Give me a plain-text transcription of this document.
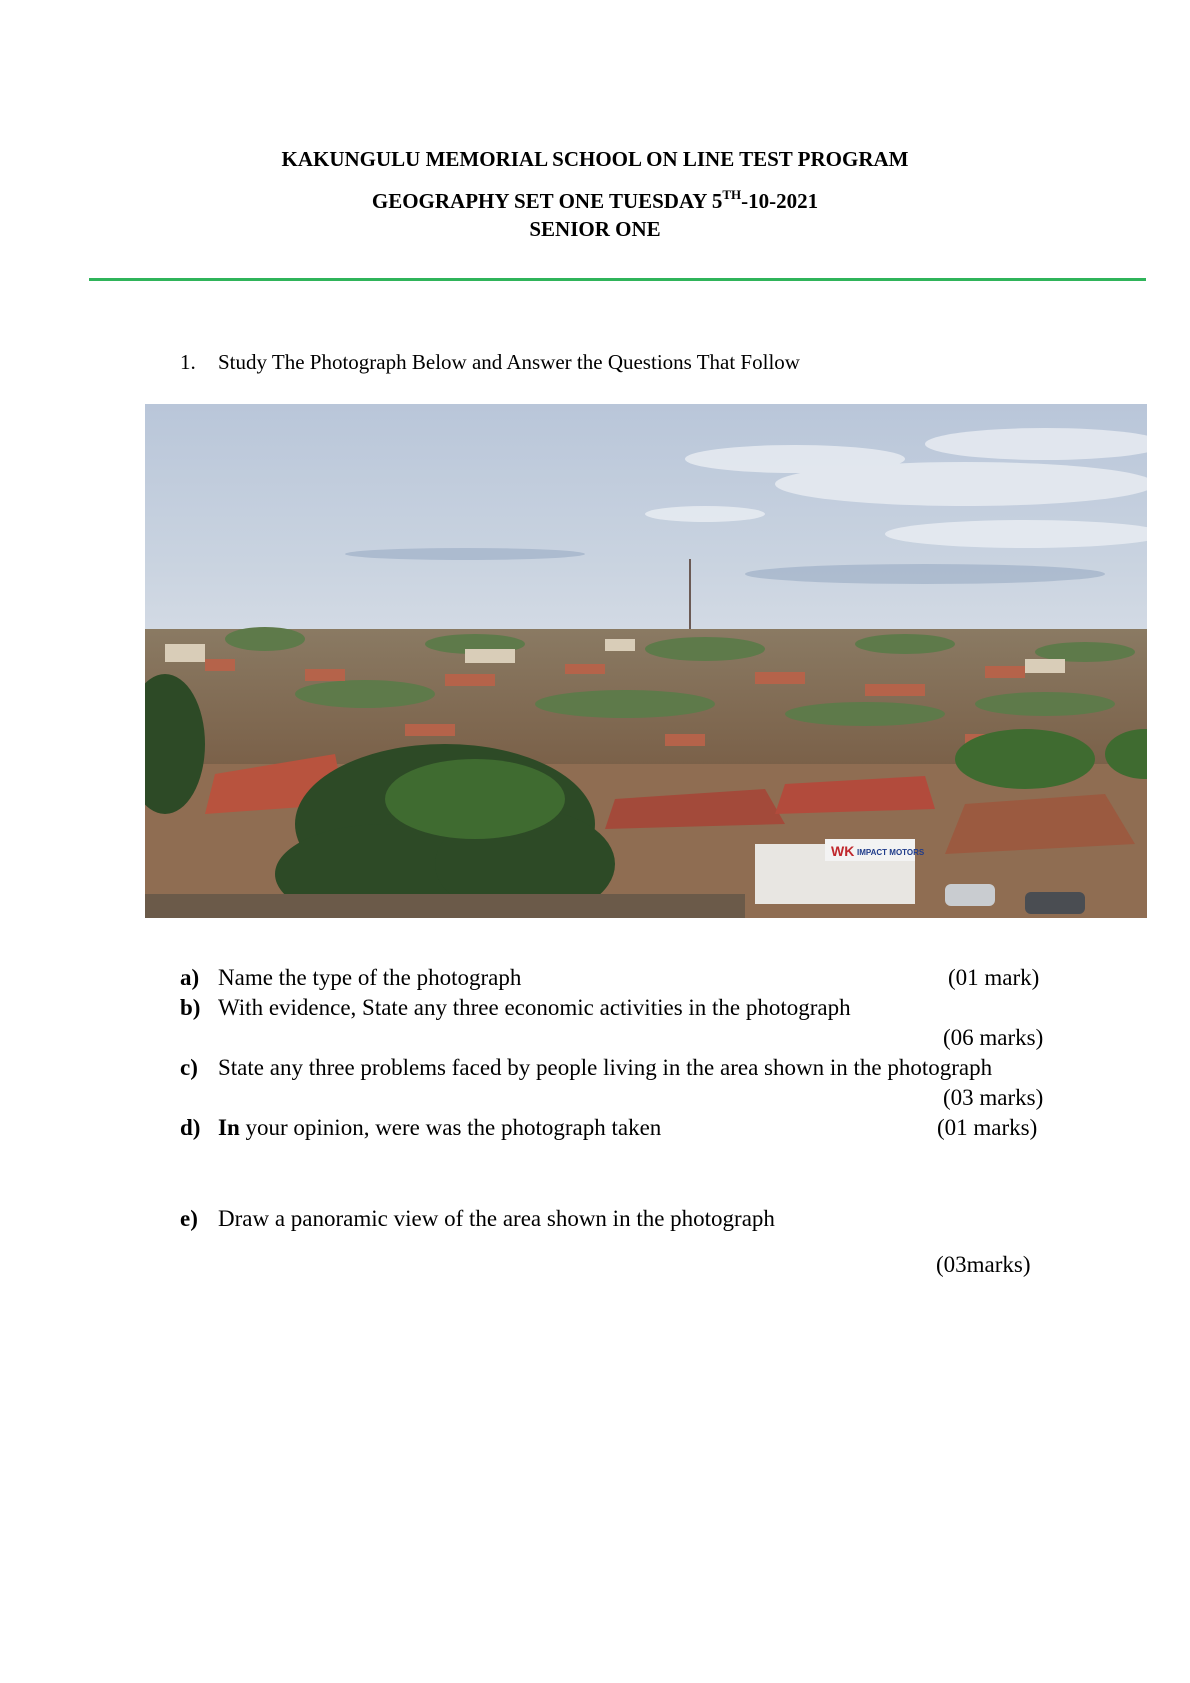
KAKUNGULU MEMORIAL SCHOOL ON LINE TEST PROGRAM
GEOGRAPHY SET ONE TUESDAY 5TH-10-2021
SENIOR ONE
1. Study The Photograph Below and Answer the Questions That Follow
WK IMPACT MOTORS
a) Name the type of the photograph	(01 mark)
b) With evidence, State any three economic activities in the photograph
(06 marks)
c) State any three problems faced by people living in the area shown in the photograph
(03 marks)
d) In your opinion, were was the photograph taken	(01 marks)
e) Draw a panoramic view of the area shown in the photograph
(03marks)
